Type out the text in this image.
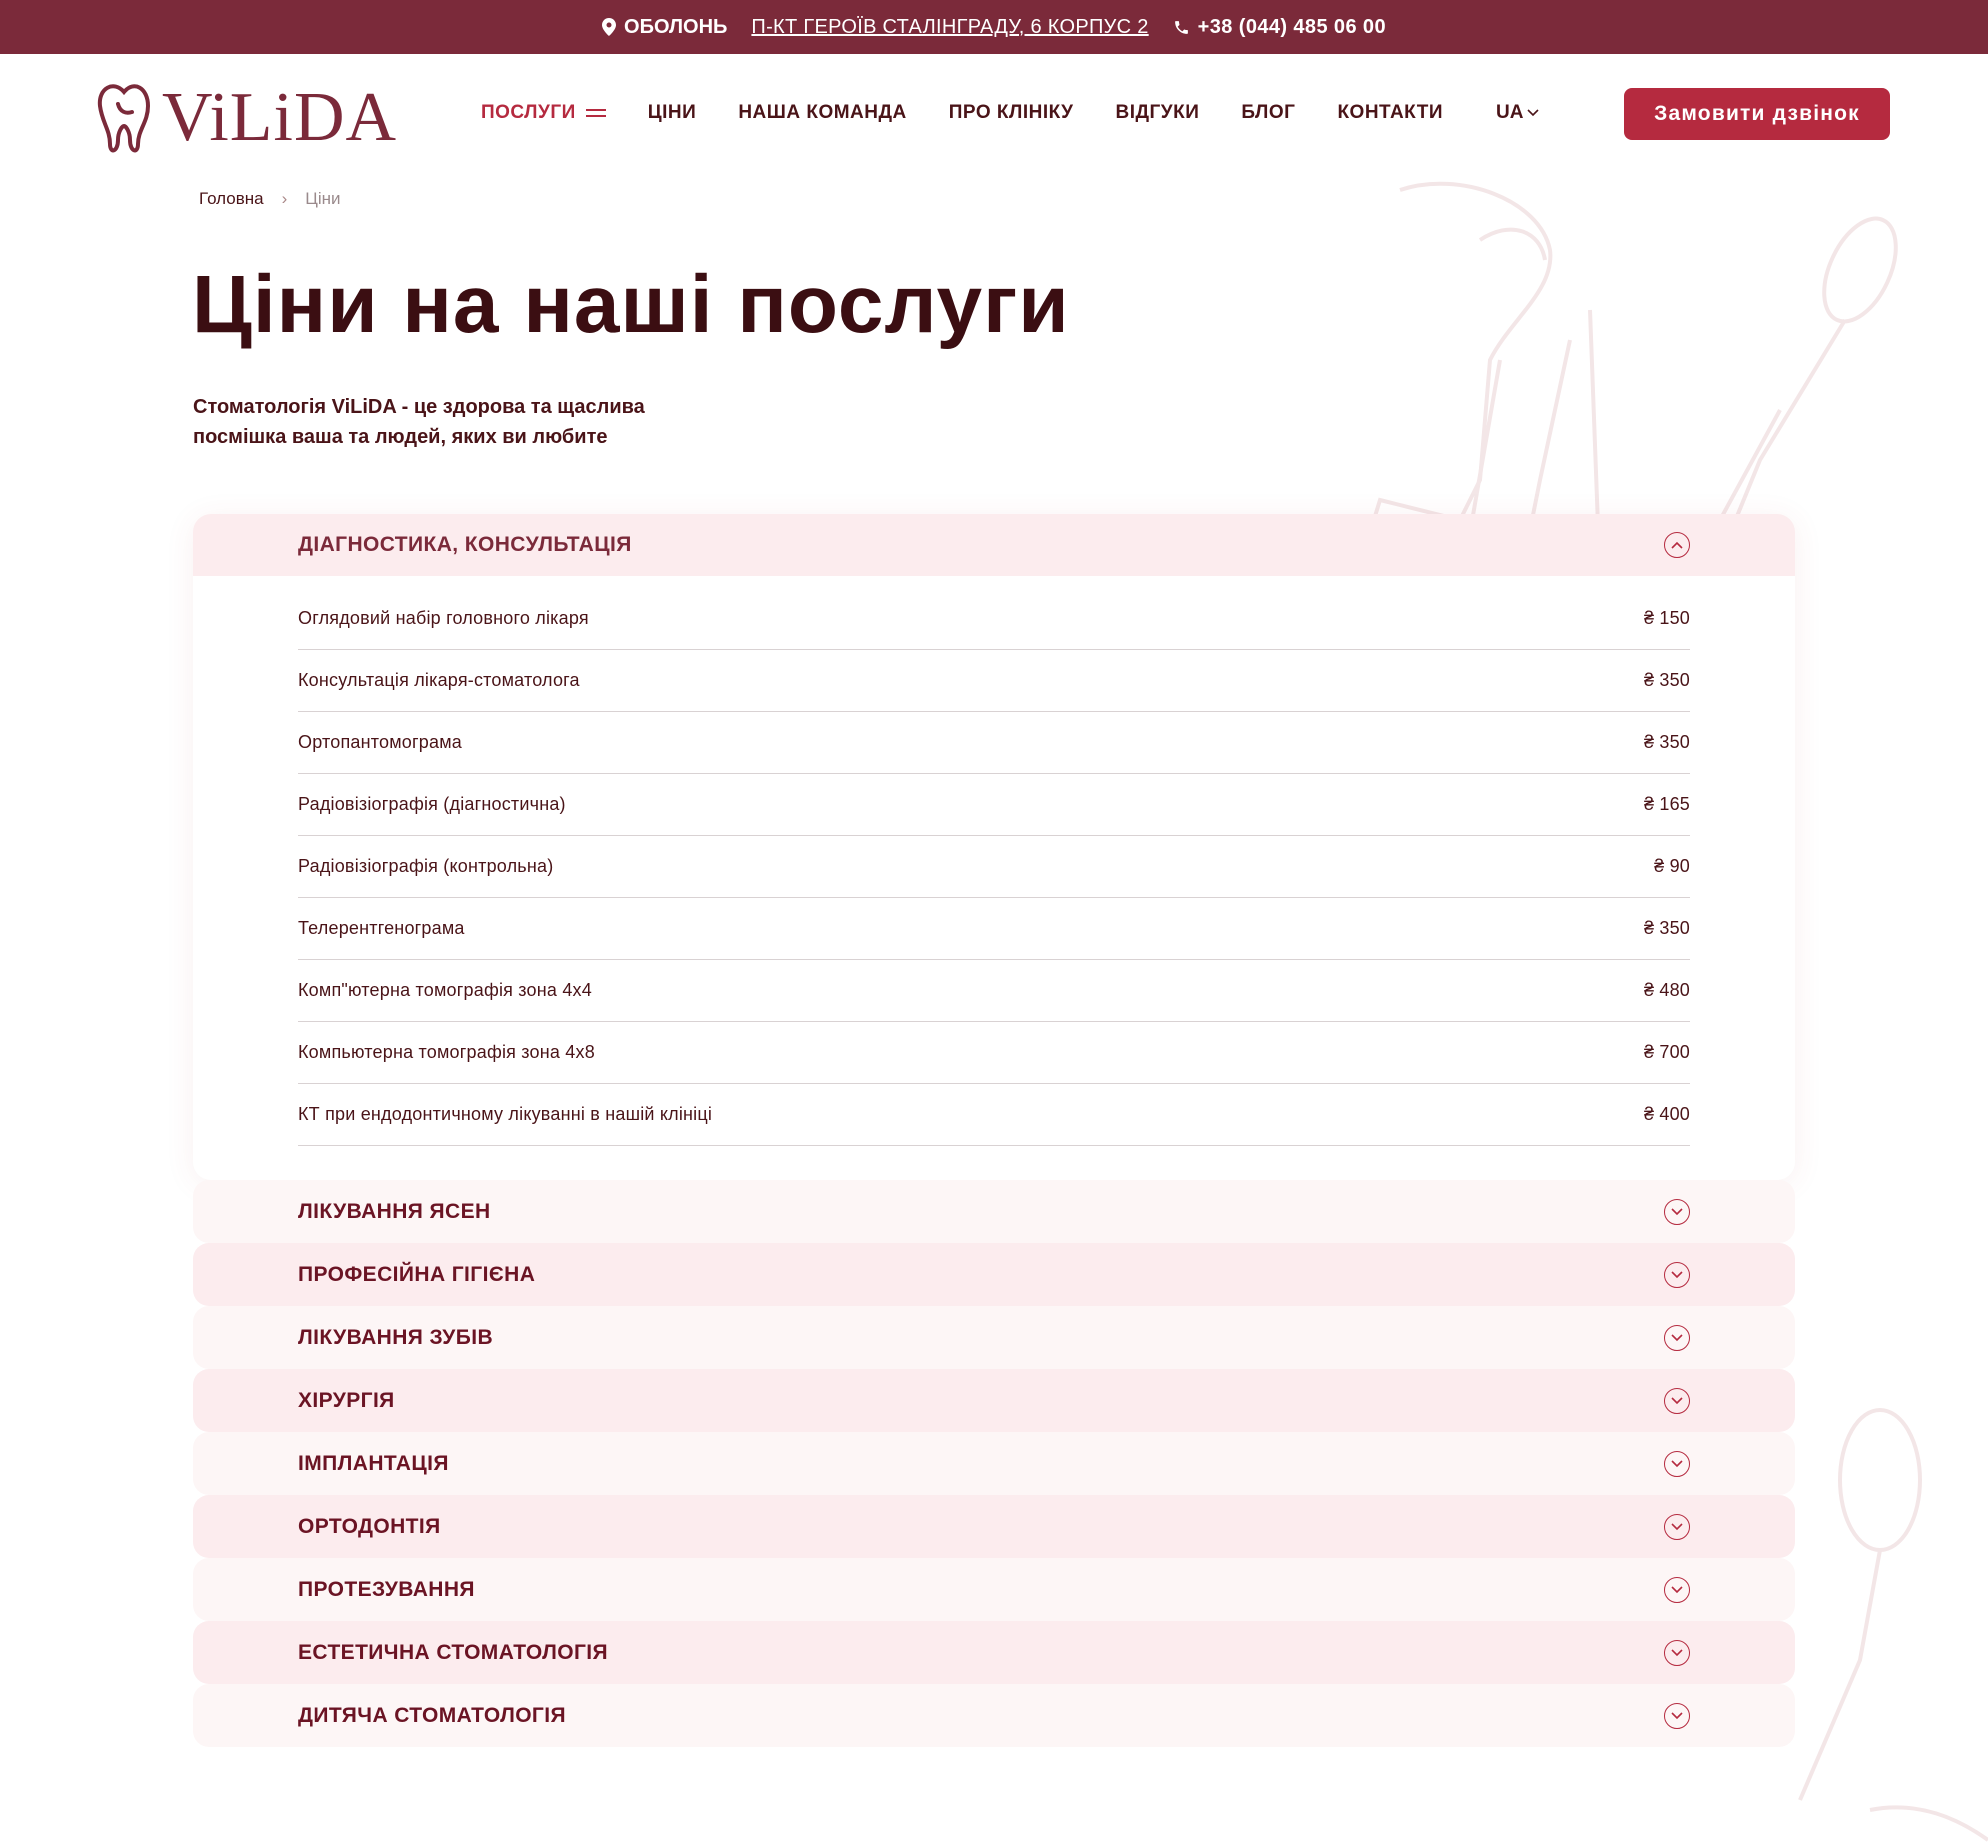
ОБОЛОНЬ П-КТ ГЕРОЇВ СТАЛІНГРАДУ, 6 КОРПУС 2 +38 (044) 485 06 00
ViLiDA	ПОСЛУГИ	ЦІНИ НАША КОМАНДА ПРО КЛІНІКУ ВІДГУКИ БЛОГ КОНТАКТИ	UA	Замовити дзвінок
Головна › Ціни
Ціни на наші послуги

Стоматологія ViLiDA - це здорова та щаслива посмішка ваша та людей, яких ви любите

ДІАГНОСТИКА, КОНСУЛЬТАЦІЯ
Оглядовий набір головного лікаря	₴ 150
Консультація лікаря-стоматолога	₴ 350
Ортопантомограма	₴ 350
Радіовізіографія (діагностична)	₴ 165
Радіовізіографія (контрольна)	₴ 90
Телерентгенограма	₴ 350
Комп"ютерна томографія зона 4х4	₴ 480
Компьютерна томографія зона 4х8	₴ 700
КТ при ендодонтичному лікуванні в нашій клініці	₴ 400
ЛІКУВАННЯ ЯСЕН
ПРОФЕСІЙНА ГІГІЄНА
ЛІКУВАННЯ ЗУБІВ
ХІРУРГІЯ
ІМПЛАНТАЦІЯ
ОРТОДОНТІЯ
ПРОТЕЗУВАННЯ
ЕСТЕТИЧНА СТОМАТОЛОГІЯ
ДИТЯЧА СТОМАТОЛОГІЯ
